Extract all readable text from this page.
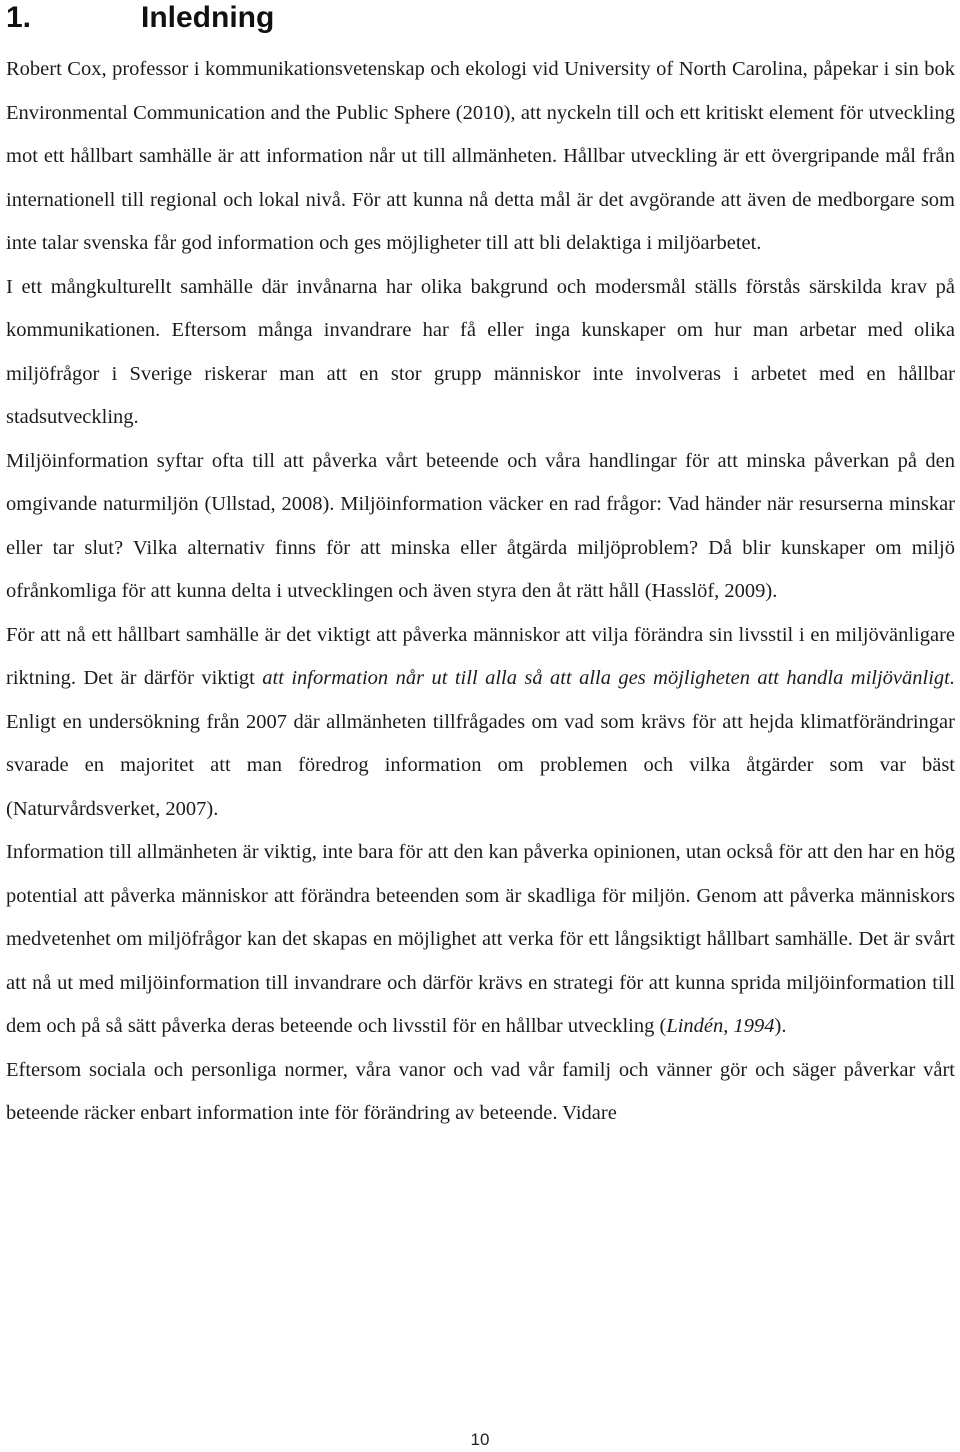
1.	Inledning

Robert Cox, professor i kommunikationsvetenskap och ekologi vid University of North Carolina, påpekar i sin bok Environmental Communication and the Public Sphere (2010), att nyckeln till och ett kritiskt element för utveckling mot ett hållbart samhälle är att information når ut till allmänheten. Hållbar utveckling är ett övergripande mål från internationell till regional och lokal nivå. För att kunna nå detta mål är det avgörande att även de medborgare som inte talar svenska får god information och ges möjligheter till att bli delaktiga i miljöarbetet.

I ett mångkulturellt samhälle där invånarna har olika bakgrund och modersmål ställs förstås särskilda krav på kommunikationen. Eftersom många invandrare har få eller inga kunskaper om hur man arbetar med olika miljöfrågor i Sverige riskerar man att en stor grupp människor inte involveras i arbetet med en hållbar stadsutveckling.

Miljöinformation syftar ofta till att påverka vårt beteende och våra handlingar för att minska påverkan på den omgivande naturmiljön (Ullstad, 2008). Miljöinformation väcker en rad frågor: Vad händer när resurserna minskar eller tar slut? Vilka alternativ finns för att minska eller åtgärda miljöproblem? Då blir kunskaper om miljö ofrånkomliga för att kunna delta i utvecklingen och även styra den åt rätt håll (Hasslöf, 2009).

För att nå ett hållbart samhälle är det viktigt att påverka människor att vilja förändra sin livsstil i en miljövänligare riktning. Det är därför viktigt att information når ut till alla så att alla ges möjligheten att handla miljövänligt. Enligt en undersökning från 2007 där allmänheten tillfrågades om vad som krävs för att hejda klimatförändringar svarade en majoritet att man föredrog information om problemen och vilka åtgärder som var bäst (Naturvårdsverket, 2007).

Information till allmänheten är viktig, inte bara för att den kan påverka opinionen, utan också för att den har en hög potential att påverka människor att förändra beteenden som är skadliga för miljön. Genom att påverka människors medvetenhet om miljöfrågor kan det skapas en möjlighet att verka för ett långsiktigt hållbart samhälle. Det är svårt att nå ut med miljöinformation till invandrare och därför krävs en strategi för att kunna sprida miljöinformation till dem och på så sätt påverka deras beteende och livsstil för en hållbar utveckling (Lindén, 1994).

Eftersom sociala och personliga normer, våra vanor och vad vår familj och vänner gör och säger påverkar vårt beteende räcker enbart information inte för förändring av beteende. Vidare

10
